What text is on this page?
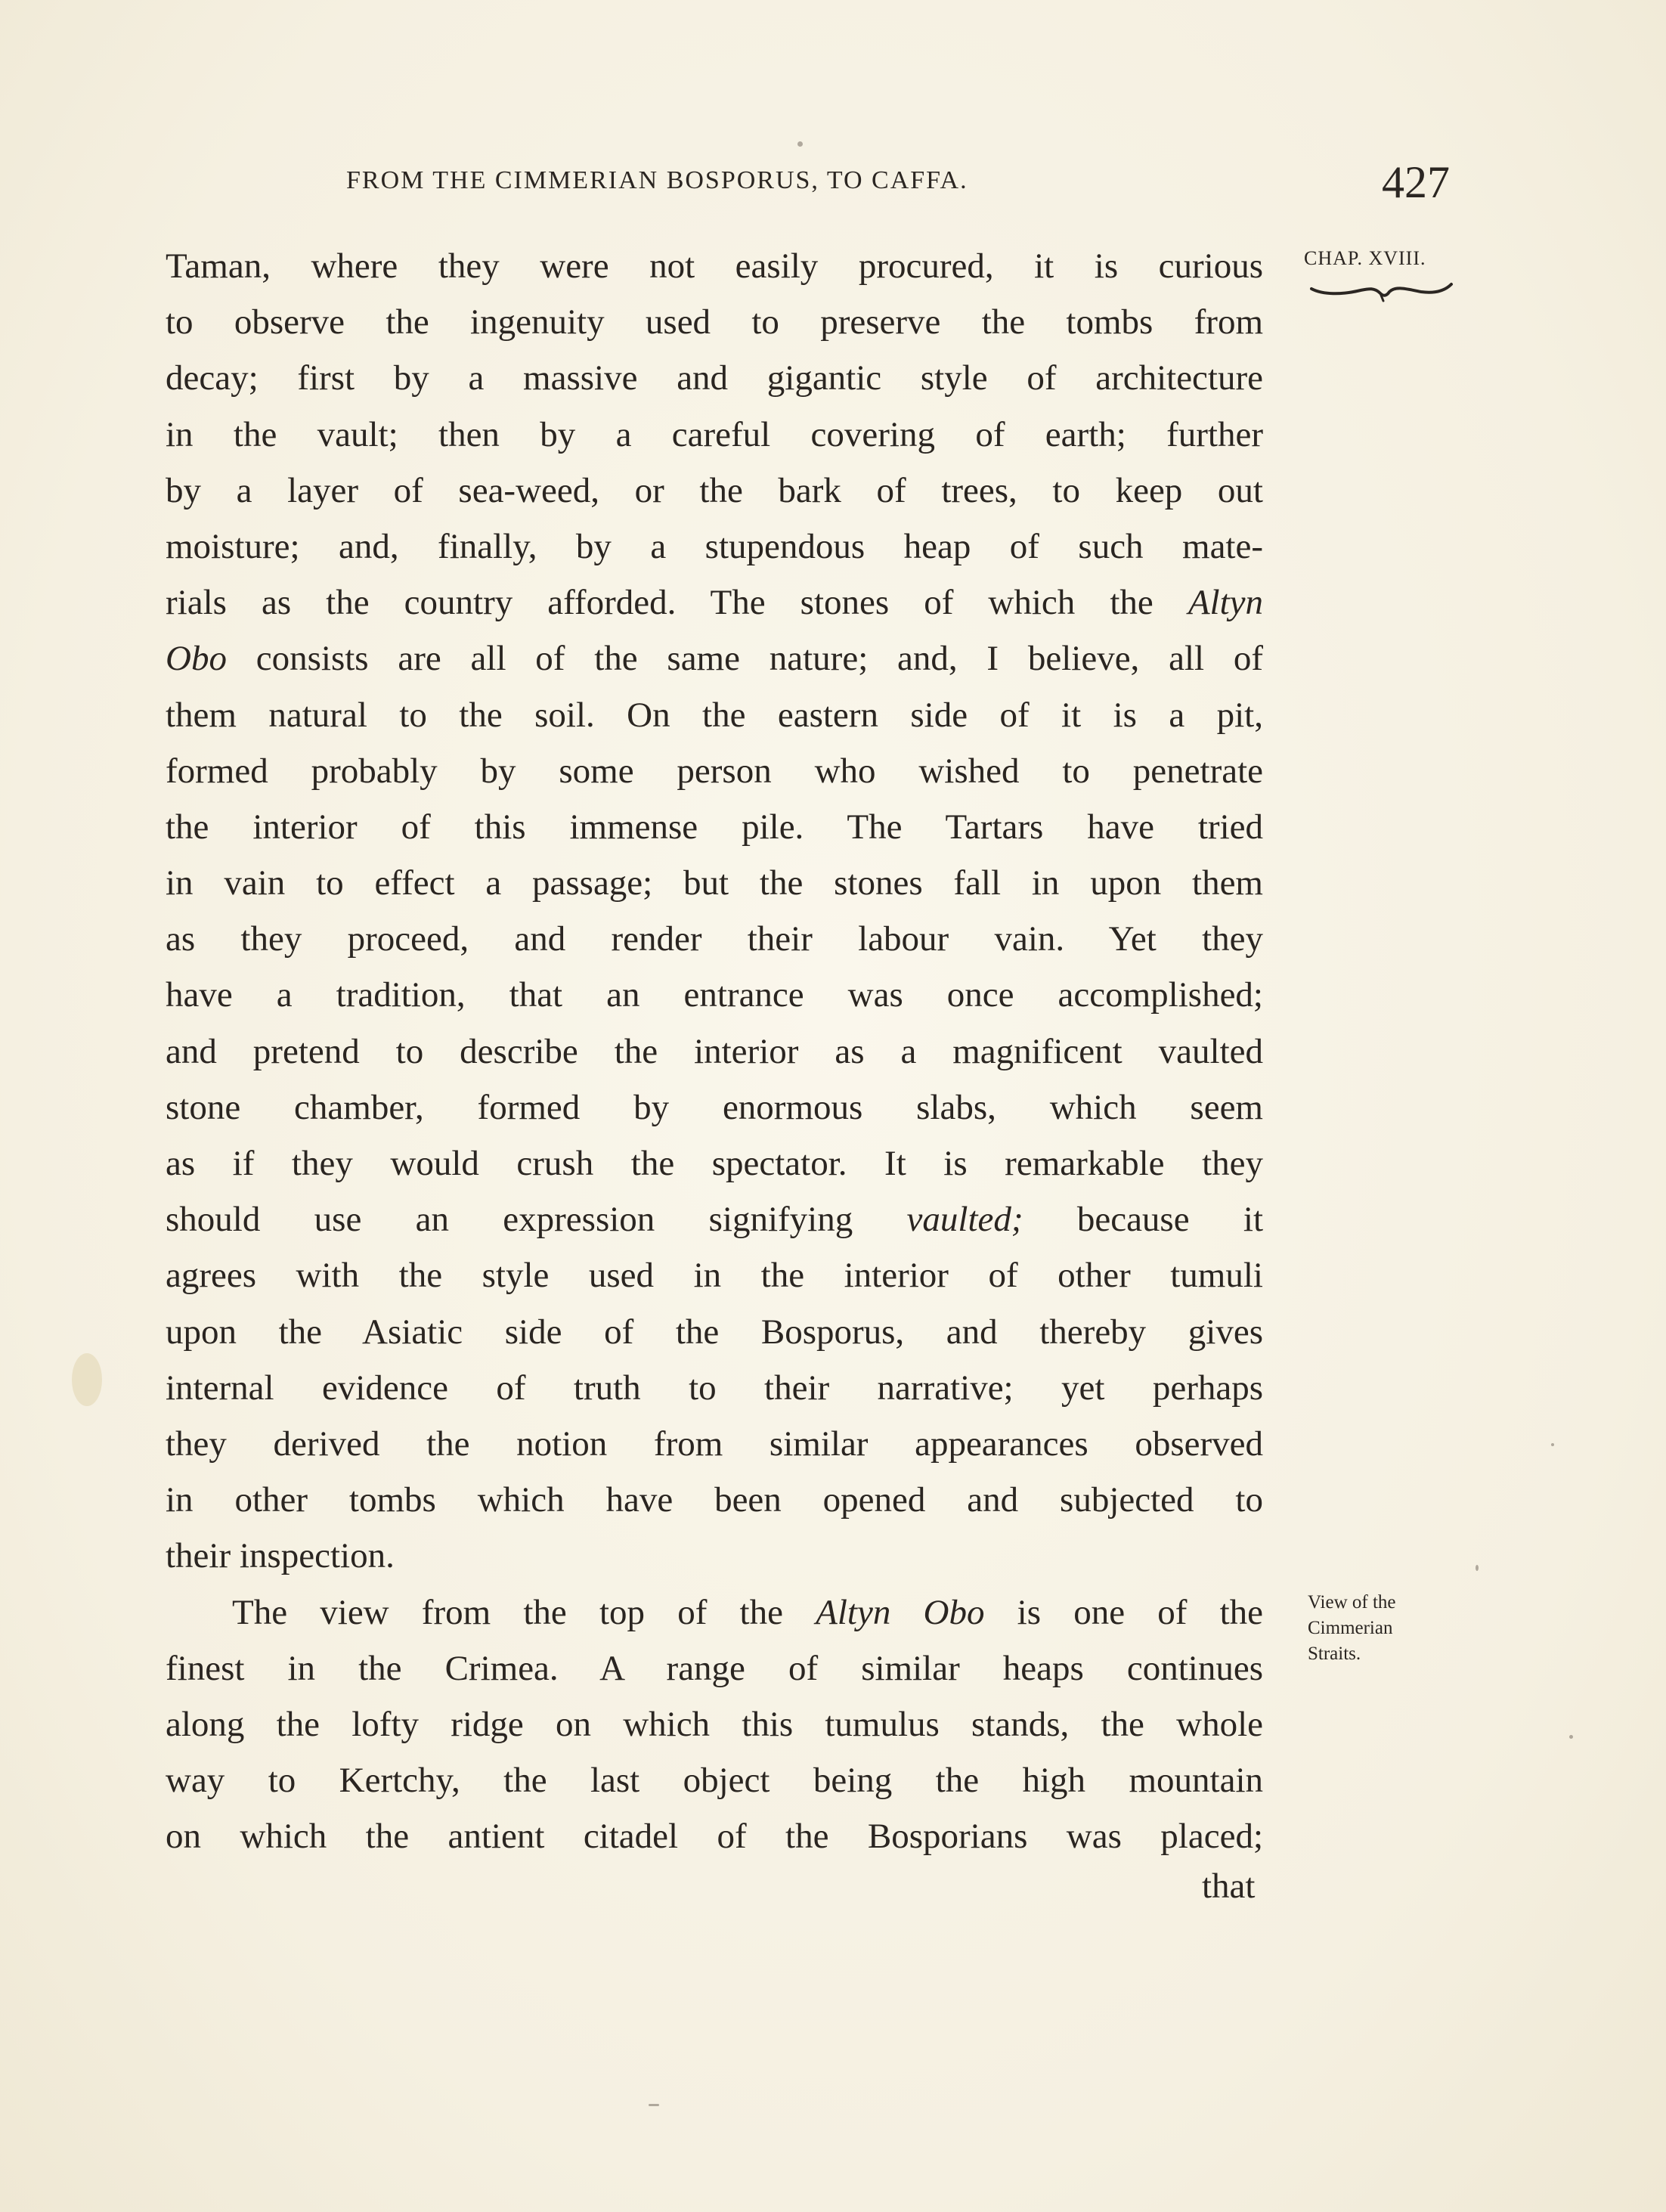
FROM THE CIMMERIAN BOSPORUS, TO CAFFA.	427
CHAP. XVIII.
View of the
Cimmerian
Straits.
Taman, where they were not easily procured, it is curious
to observe the ingenuity used to preserve the tombs from
decay; first by a massive and gigantic style of architecture
in the vault; then by a careful covering of earth; further
by a layer of sea-weed, or the bark of trees, to keep out
moisture; and, finally, by a stupendous heap of such mate-
rials as the country afforded. The stones of which the Altyn
Obo consists are all of the same nature; and, I believe, all of
them natural to the soil. On the eastern side of it is a pit,
formed probably by some person who wished to penetrate
the interior of this immense pile. The Tartars have tried
in vain to effect a passage; but the stones fall in upon them
as they proceed, and render their labour vain. Yet they
have a tradition, that an entrance was once accomplished;
and pretend to describe the interior as a magnificent vaulted
stone chamber, formed by enormous slabs, which seem
as if they would crush the spectator. It is remarkable they
should use an expression signifying vaulted; because it
agrees with the style used in the interior of other tumuli
upon the Asiatic side of the Bosporus, and thereby gives
internal evidence of truth to their narrative; yet perhaps
they derived the notion from similar appearances observed
in other tombs which have been opened and subjected to
their inspection.
The view from the top of the Altyn Obo is one of the
finest in the Crimea. A range of similar heaps continues
along the lofty ridge on which this tumulus stands, the whole
way to Kertchy, the last object being the high mountain
on which the antient citadel of the Bosporians was placed;
that
